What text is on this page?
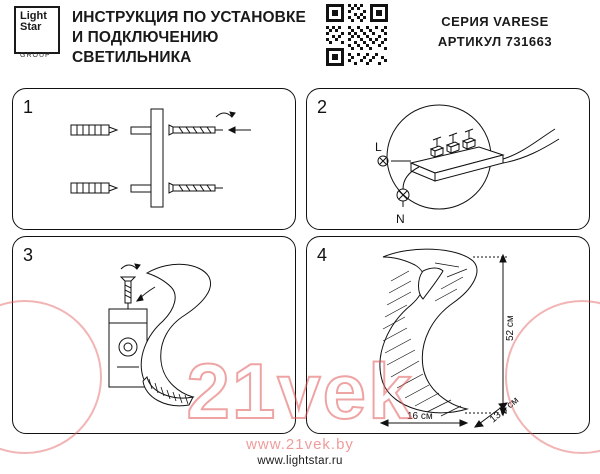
Light
Star
GROUP
ИНСТРУКЦИЯ ПО УСТАНОВКЕ И ПОДКЛЮЧЕНИЮ СВЕТИЛЬНИКА
СЕРИЯ VARESE
АРТИКУЛ 731663
1	2
L
N
3	4
52 см
16 см	13,5 см
21vek
www.21vek.by
www.lightstar.ru
